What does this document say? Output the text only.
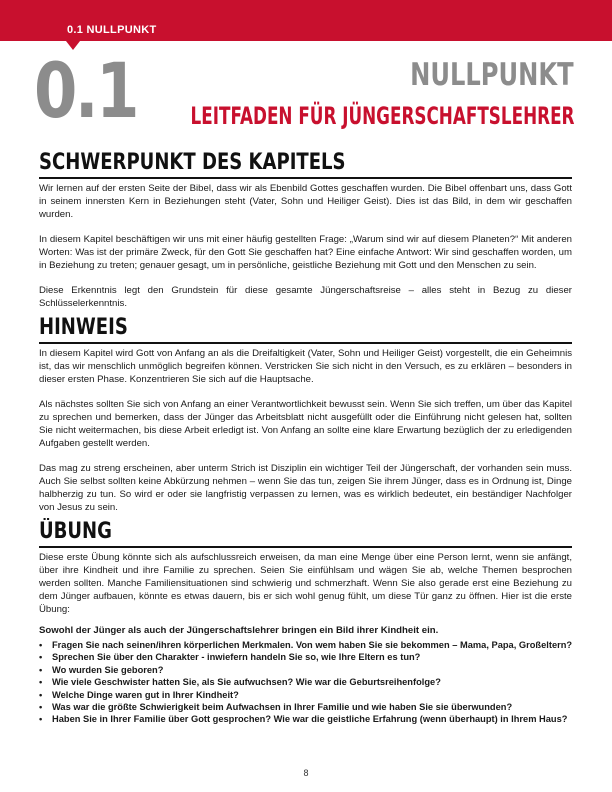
0.1 NULLPUNKT
0.1	NULLPUNKT
LEITFADEN FÜR JÜNGERSCHAFTSLEHRER
SCHWERPUNKT DES KAPITELS

Wir lernen auf der ersten Seite der Bibel, dass wir als Ebenbild Gottes geschaffen wurden. Die Bibel offenbart uns, dass Gott in seinem innersten Kern in Beziehungen steht (Vater, Sohn und Heiliger Geist). Dies ist das Bild, in dem wir geschaffen wurden.

In diesem Kapitel beschäftigen wir uns mit einer häufig gestellten Frage: „Warum sind wir auf diesem Planeten?“ Mit anderen Worten: Was ist der primäre Zweck, für den Gott Sie geschaffen hat? Eine einfache Antwort: Wir sind geschaffen worden, um in Beziehung zu treten; genauer gesagt, um in persönliche, geistliche Beziehung mit Gott und den Menschen zu sein.

Diese Erkenntnis legt den Grundstein für diese gesamte Jüngerschaftsreise – alles steht in Bezug zu dieser Schlüsselerkenntnis.

HINWEIS

In diesem Kapitel wird Gott von Anfang an als die Dreifaltigkeit (Vater, Sohn und Heiliger Geist) vorgestellt, die ein Geheimnis ist, das wir menschlich unmöglich begreifen können. Verstricken Sie sich nicht in den Versuch, es zu erklären – besonders in dieser ersten Phase. Konzentrieren Sie sich auf die Hauptsache.

Als nächstes sollten Sie sich von Anfang an einer Verantwortlichkeit bewusst sein. Wenn Sie sich treffen, um über das Kapitel zu sprechen und bemerken, dass der Jünger das Arbeitsblatt nicht ausgefüllt oder die Einführung nicht gelesen hat, sollten Sie nicht weitermachen, bis diese Arbeit erledigt ist. Von Anfang an sollte eine klare Erwartung bezüglich der zu erledigenden Aufgaben gestellt werden.

Das mag zu streng erscheinen, aber unterm Strich ist Disziplin ein wichtiger Teil der Jüngerschaft, der vorhanden sein muss. Auch Sie selbst sollten keine Abkürzung nehmen – wenn Sie das tun, zeigen Sie ihrem Jünger, dass es in Ordnung ist, Dinge halbherzig zu tun. So wird er oder sie langfristig verpassen zu lernen, was es wirklich bedeutet, ein beständiger Nachfolger von Jesus zu sein.

ÜBUNG

Diese erste Übung könnte sich als aufschlussreich erweisen, da man eine Menge über eine Person lernt, wenn sie anfängt, über ihre Kindheit und ihre Familie zu sprechen. Seien Sie einfühlsam und wägen Sie ab, welche Themen besprochen werden sollten. Manche Familiensituationen sind schwierig und schmerzhaft. Wenn Sie also gerade erst eine Beziehung zu dem Jünger aufbauen, könnte es etwas dauern, bis er sich wohl genug fühlt, um diese Tür ganz zu öffnen. Hier ist die erste Übung:

Sowohl der Jünger als auch der Jüngerschaftslehrer bringen ein Bild ihrer Kindheit ein.
• Fragen Sie nach seinen/ihren körperlichen Merkmalen. Von wem haben Sie sie bekommen – Mama, Papa, Großeltern?
• Sprechen Sie über den Charakter - inwiefern handeln Sie so, wie Ihre Eltern es tun?
• Wo wurden Sie geboren?
• Wie viele Geschwister hatten Sie, als Sie aufwuchsen? Wie war die Geburtsreihenfolge?
• Welche Dinge waren gut in Ihrer Kindheit?
• Was war die größte Schwierigkeit beim Aufwachsen in Ihrer Familie und wie haben Sie sie überwunden?
• Haben Sie in Ihrer Familie über Gott gesprochen? Wie war die geistliche Erfahrung (wenn überhaupt) in Ihrem Haus?
8
